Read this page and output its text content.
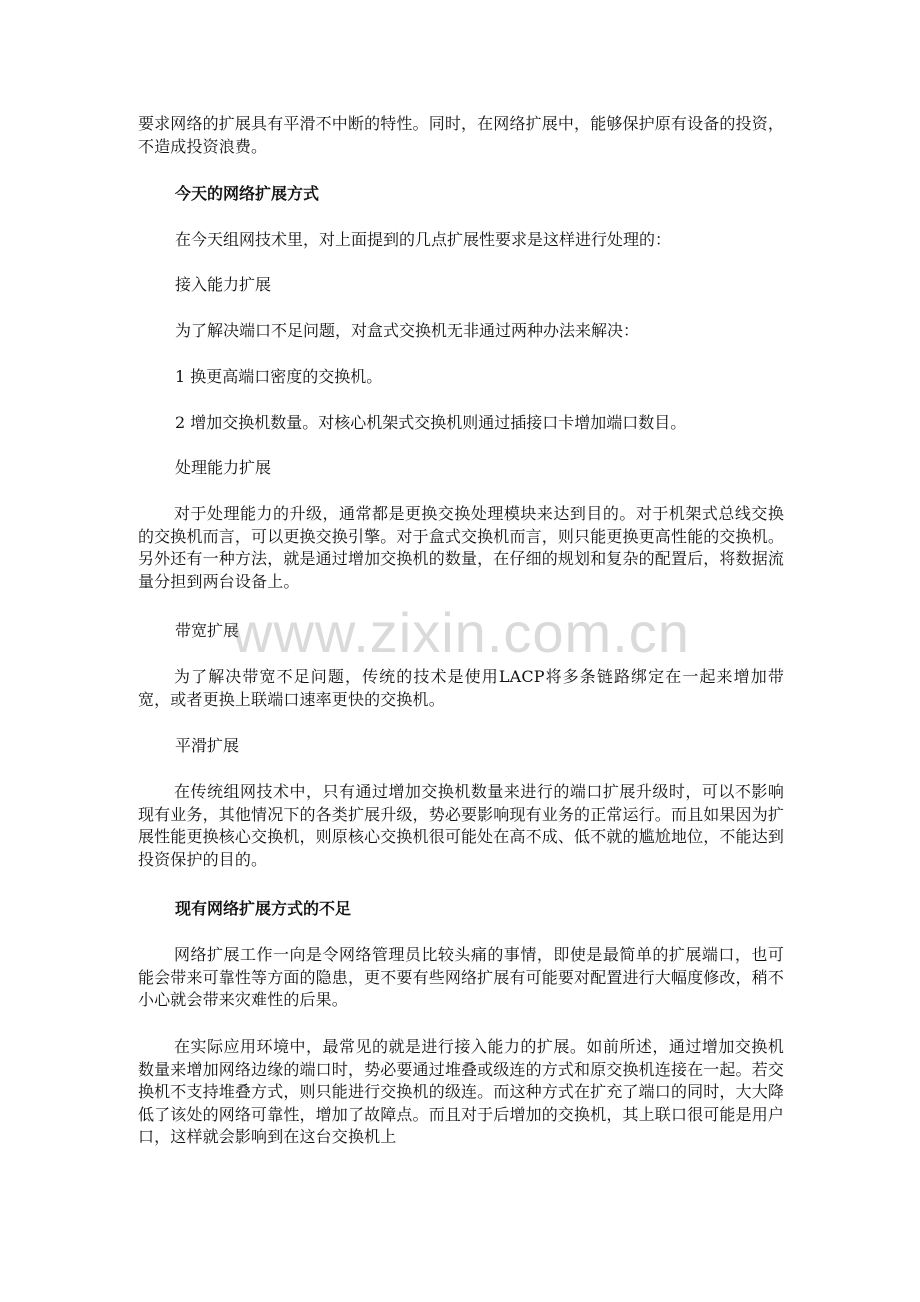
要求网络的扩展具有平滑不中断的特性。同时，在网络扩展中，能够保护原有设备的投资，不造成投资浪费。

今天的网络扩展方式

在今天组网技术里，对上面提到的几点扩展性要求是这样进行处理的：

接入能力扩展

为了解决端口不足问题，对盒式交换机无非通过两种办法来解决：

1 换更高端口密度的交换机。

2 增加交换机数量。对核心机架式交换机则通过插接口卡增加端口数目。

处理能力扩展

对于处理能力的升级，通常都是更换交换处理模块来达到目的。对于机架式总线交换的交换机而言，可以更换交换引擎。对于盒式交换机而言，则只能更换更高性能的交换机。另外还有一种方法，就是通过增加交换机的数量，在仔细的规划和复杂的配置后，将数据流量分担到两台设备上。

带宽扩展

为了解决带宽不足问题，传统的技术是使用LACP将多条链路绑定在一起来增加带宽，或者更换上联端口速率更快的交换机。

平滑扩展

在传统组网技术中，只有通过增加交换机数量来进行的端口扩展升级时，可以不影响现有业务，其他情况下的各类扩展升级，势必要影响现有业务的正常运行。而且如果因为扩展性能更换核心交换机，则原核心交换机很可能处在高不成、低不就的尴尬地位，不能达到投资保护的目的。

现有网络扩展方式的不足

网络扩展工作一向是令网络管理员比较头痛的事情，即使是最简单的扩展端口，也可能会带来可靠性等方面的隐患，更不要有些网络扩展有可能要对配置进行大幅度修改，稍不小心就会带来灾难性的后果。

在实际应用环境中，最常见的就是进行接入能力的扩展。如前所述，通过增加交换机数量来增加网络边缘的端口时，势必要通过堆叠或级连的方式和原交换机连接在一起。若交换机不支持堆叠方式，则只能进行交换机的级连。而这种方式在扩充了端口的同时，大大降低了该处的网络可靠性，增加了故障点。而且对于后增加的交换机，其上联口很可能是用户口，这样就会影响到在这台交换机上

www.zixin.com.cn
